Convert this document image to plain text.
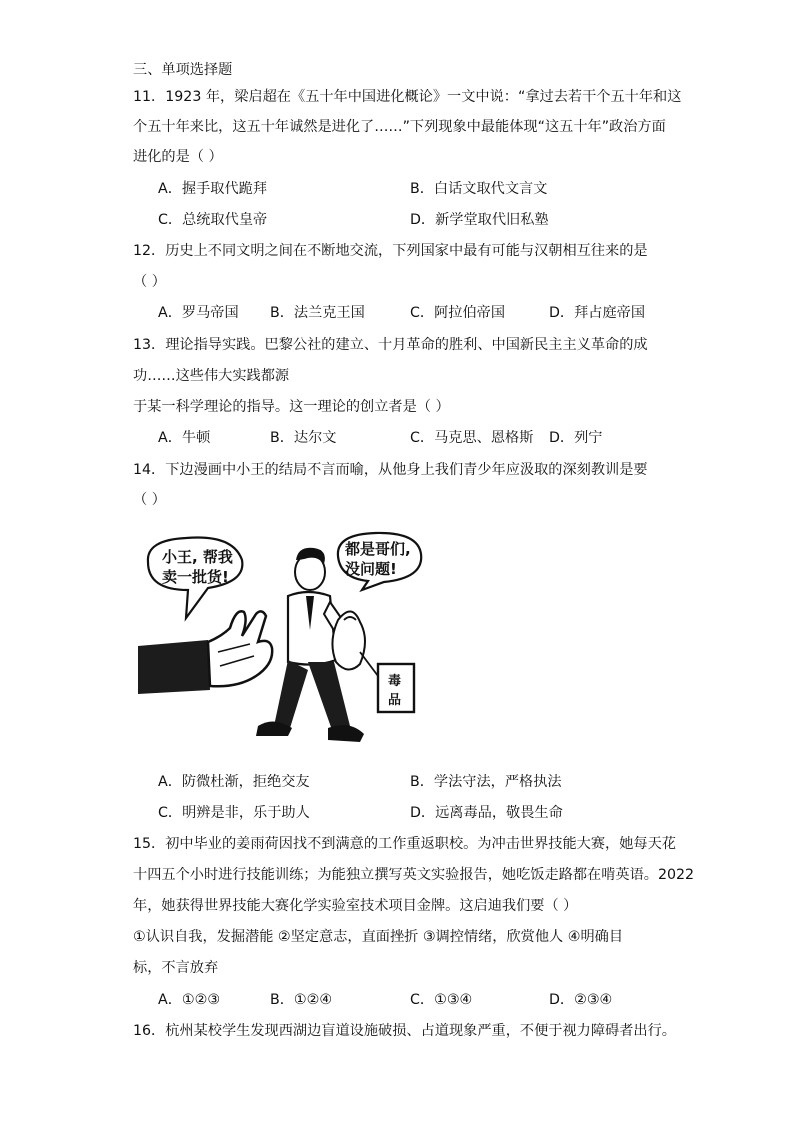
三、单项选择题
11．1923 年，梁启超在《五十年中国进化概论》一文中说：“拿过去若干个五十年和这
个五十年来比，这五十年诚然是进化了……”下列现象中最能体现“这五十年”政治方面
进化的是（ ）
A．握手取代跪拜	B．白话文取代文言文
C．总统取代皇帝	D．新学堂取代旧私塾
12．历史上不同文明之间在不断地交流，下列国家中最有可能与汉朝相互往来的是
（ ）
A．罗马帝国 B．法兰克王国	C．阿拉伯帝国	D．拜占庭帝国
13．理论指导实践。巴黎公社的建立、十月革命的胜利、中国新民主主义革命的成
功……这些伟大实践都源
于某一科学理论的指导。这一理论的创立者是（ ）
A．牛顿	B．达尔文	C．马克思、恩格斯 D．列宁
14．下边漫画中小王的结局不言而喻，从他身上我们青少年应汲取的深刻教训是要
（ ）
小王, 帮我
卖一批货!
都是哥们,
没问题!
毒
品
A．防微杜渐，拒绝交友	B．学法守法，严格执法
C．明辨是非，乐于助人	D．远离毒品，敬畏生命
15．初中毕业的姜雨荷因找不到满意的工作重返职校。为冲击世界技能大赛，她每天花
十四五个小时进行技能训练；为能独立撰写英文实验报告，她吃饭走路都在啃英语。2022
年，她获得世界技能大赛化学实验室技术项目金牌。这启迪我们要（ ）
①认识自我，发掘潜能 ②坚定意志，直面挫折 ③调控情绪，欣赏他人 ④明确目
标，不言放弃
A．①②③	B．①②④	C．①③④	D．②③④
16．杭州某校学生发现西湖边盲道设施破损、占道现象严重，不便于视力障碍者出行。
